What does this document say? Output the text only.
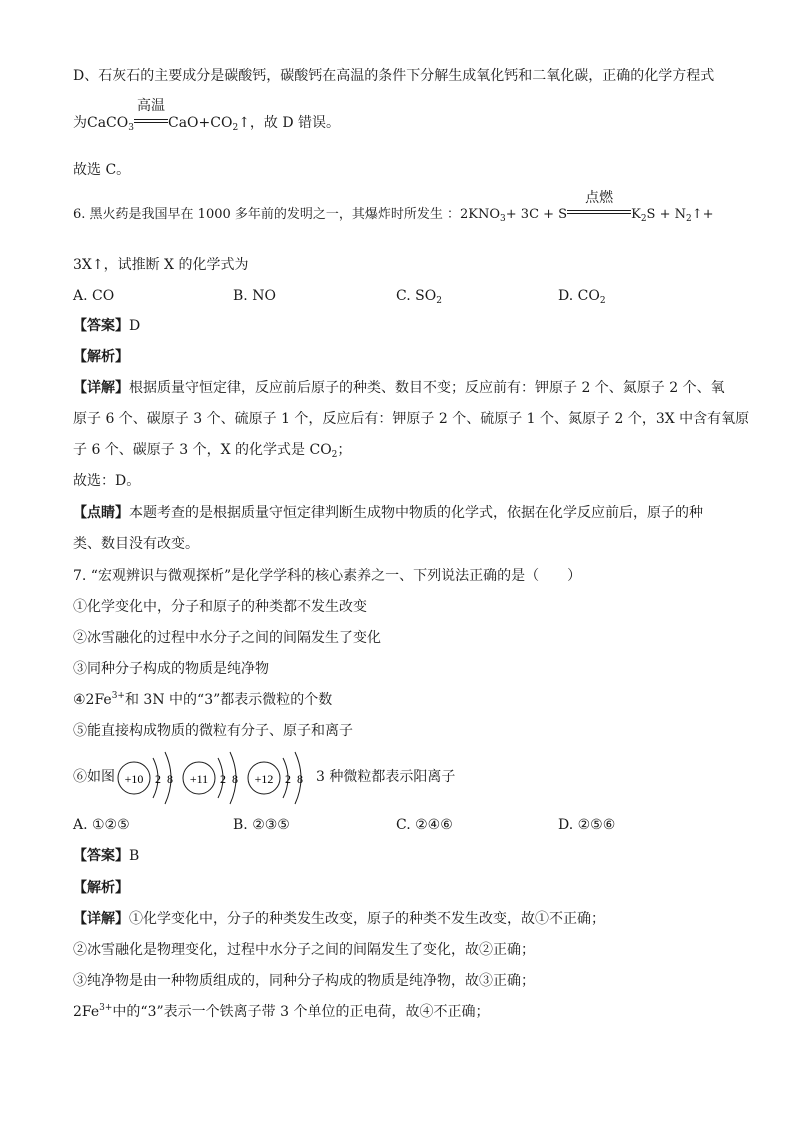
D、石灰石的主要成分是碳酸钙，碳酸钙在高温的条件下分解生成氧化钙和二氧化碳，正确的化学方程式
为CaCO$_3$
高温
$CaO+CO_2↑$，故 D 错误。
故选 C。
6. 黑火药是我国早在 1000 多年前的发明之一，其爆炸时所发生 ：$2KNO_3+ 3C + S$
点燃
$K_2S$ + $N_2↑+$
3X↑，试推断 X 的化学式为
A. CO	B. NO	C. $SO_2$	D. $CO_2$
【答案】D
【解析】
【详解】根据质量守恒定律，反应前后原子的种类、数目不变；反应前有：钾原子 2 个、氮原子 2 个、氧
原子 6 个、碳原子 3 个、硫原子 1 个，反应后有：钾原子 2 个、硫原子 1 个、氮原子 2 个，3X 中含有氧原
子 6 个、碳原子 3 个，X 的化学式是 $CO_2$；
故选：D。
【点睛】本题考查的是根据质量守恒定律判断生成物中物质的化学式，依据在化学反应前后，原子的种
类、数目没有改变。
7. “宏观辨识与微观探析”是化学学科的核心素养之一、下列说法正确的是（　　）
①化学变化中，分子和原子的种类都不发生改变
②冰雪融化的过程中水分子之间的间隔发生了变化
③同种分子构成的物质是纯净物
$④2Fe^{3+}$和 3N 中的“3”都表示微粒的个数
⑤能直接构成物质的微粒有分子、原子和离子
⑥如图	3 种微粒都表示阳离子
+10 2 8 +11 2 8 +12 2 8
A. ①②⑤	B. ②③⑤	C. ②④⑥	D. ②⑤⑥
【答案】B
【解析】
【详解】①化学变化中，分子的种类发生改变，原子的种类不发生改变，故①不正确；
②冰雪融化是物理变化，过程中水分子之间的间隔发生了变化，故②正确；
③纯净物是由一种物质组成的，同种分子构成的物质是纯净物，故③正确；
$2Fe^{3+}$中的“3”表示一个铁离子带 3 个单位的正电荷，故④不正确；
